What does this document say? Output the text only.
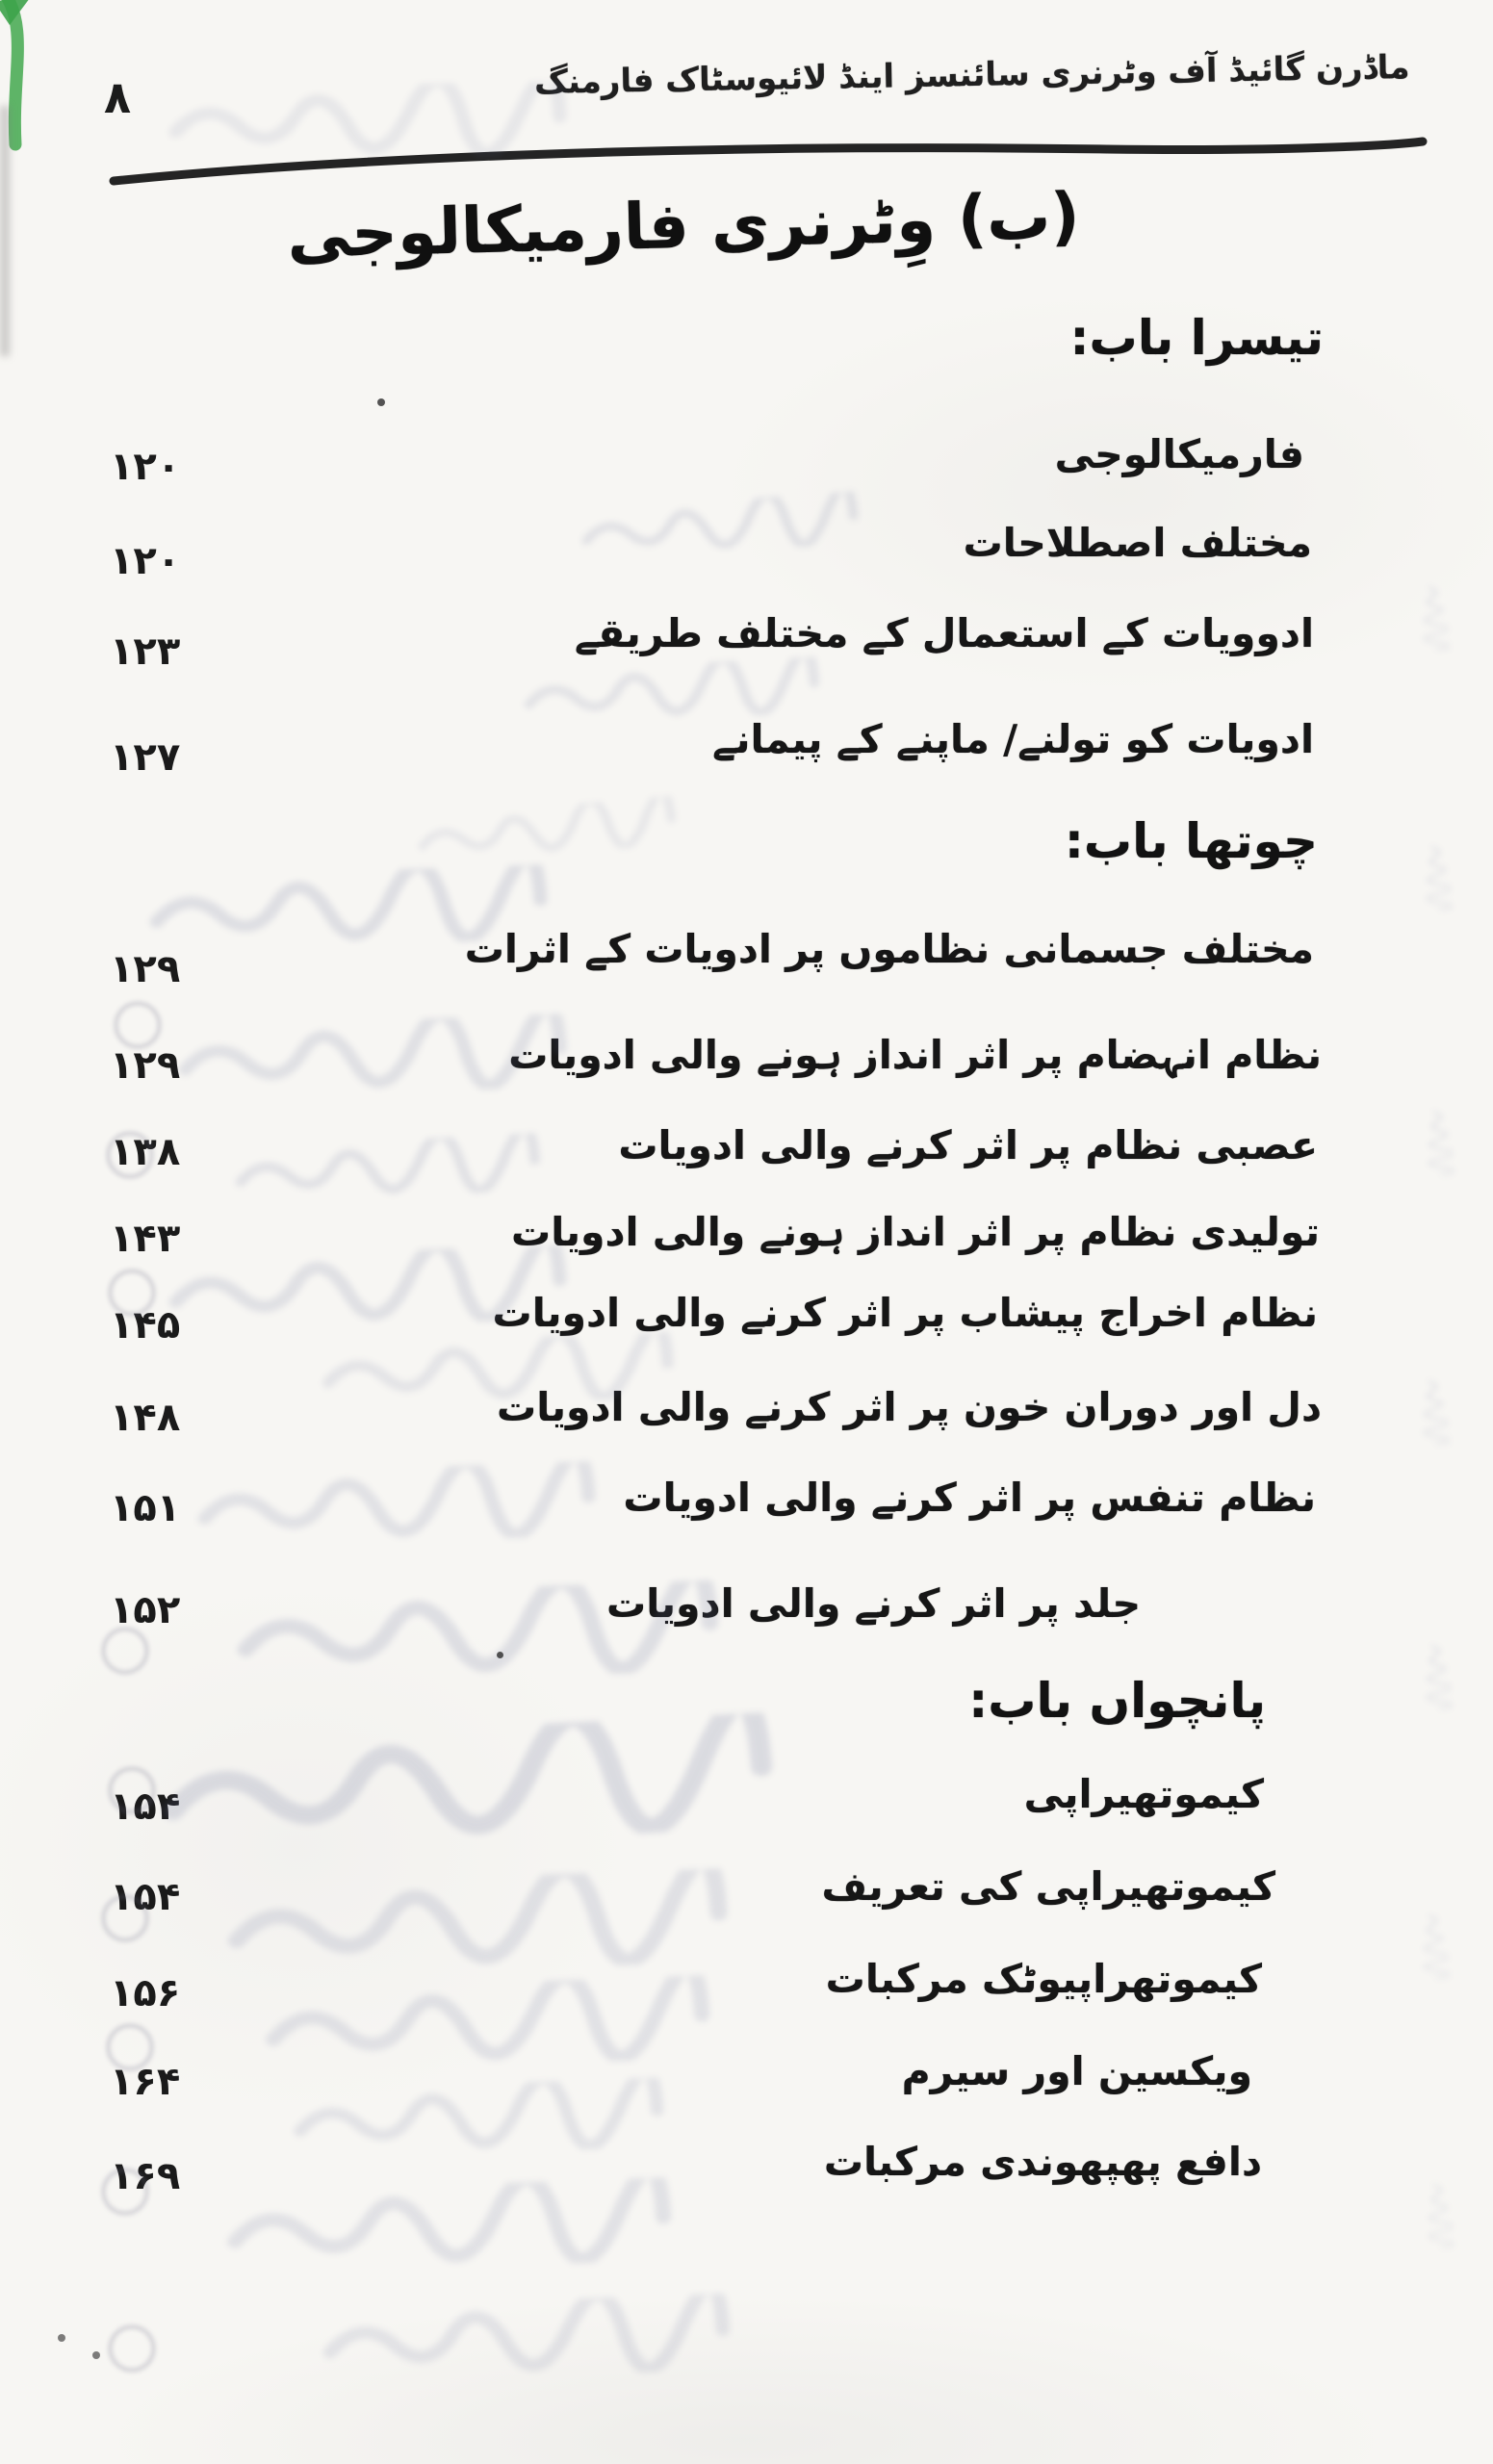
۸	ماڈرن گائیڈ آف وٹرنری سائنسز اینڈ لائیوسٹاک فارمنگ
(ب) وِٹرنری فارمیکالوجی
تیسرا باب:
فارمیکالوجی
۱۲۰
مختلف اصطلاحات
۱۲۰
ادوویات کے استعمال کے مختلف طریقے
۱۲۳
ادویات کو تولنے/ ماپنے کے پیمانے
۱۲۷
چوتھا باب:
مختلف جسمانی نظاموں پر ادویات کے اثرات
۱۲۹
نظام انہضام پر اثر انداز ہونے والی ادویات
۱۲۹
عصبی نظام پر اثر کرنے والی ادویات
۱۳۸
تولیدی نظام پر اثر انداز ہونے والی ادویات
۱۴۳
نظام اخراج پیشاب پر اثر کرنے والی ادویات
۱۴۵
دل اور دوران خون پر اثر کرنے والی ادویات
۱۴۸
نظام تنفس پر اثر کرنے والی ادویات
۱۵۱
جلد پر اثر کرنے والی ادویات
۱۵۲
پانچواں باب:
کیموتھیراپی
۱۵۴
کیموتھیراپی کی تعریف
۱۵۴
کیموتھراپیوٹک مرکبات
۱۵۶
ویکسین اور سیرم
۱۶۴
دافع پھپھوندی مرکبات
۱۶۹
